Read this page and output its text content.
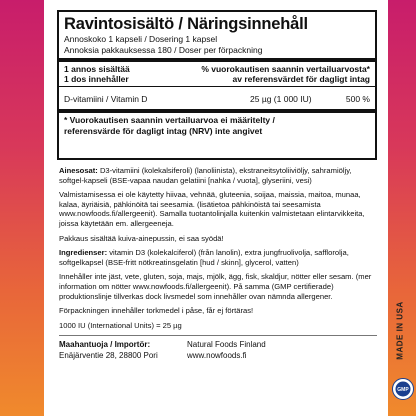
Ravintosisältö / Näringsinnehåll
Annoskoko 1 kapseli / Dosering 1 kapsel
Annoksia pakkauksessa 180 / Doser per förpackning
1 annos sisältää
1 dos innehåller
% vuorokautisen saannin vertailuarvosta*
av referensvärdet för dagligt intag
D-vitamiini / Vitamin D	25 µg (1 000 IU)	500 %
* Vuorokautisen saannin vertailuarvoa ei määritelty /
referensvärde för dagligt intag (NRV) inte angivet

Ainesosat: D3-vitamiini (kolekalsiferoli) (lanoliinista), ekstraneitsytoliiviöljy, sahramiöljy, softgel-kapseli (BSE-vapaa naudan gelatiini [nahka / vuota], glyseriini, vesi)

Valmistamisessa ei ole käytetty hiivaa, vehnää, gluteenia, soijaa, maissia, maitoa, munaa, kalaa, äyriäisiä, pähkinöitä tai seesamia. (lisätietoa pähkinöistä tai seesamista www.nowfoods.fi/allergeenit). Samalla tuotantolinjalla kuitenkin valmistetaan elintarvikkeita, joissa käytetään em. allergeeneja.

Pakkaus sisältää kuiva-ainepussin, ei saa syödä!

Ingredienser: vitamin D3 (kolekalciferol) (från lanolin), extra jungfruolivolja, safflorolja, softgelkapsel (BSE-fritt nötkreatinsgelatin [hud / skinn], glycerol, vatten)

Innehåller inte jäst, vete, gluten, soja, majs, mjölk, ägg, fisk, skaldjur, nötter eller sesam. (mer information om nötter www.nowfoods.fi/allergeenit). På samma (GMP certifierade) produktionslinje tillverkas dock livsmedel som innehåller ovan nämnda allergener.

Förpackningen innehåller torkmedel i påse, får ej förtäras!

1000 IU (International Units) = 25 µg

Maahantuoja / Importör:	Natural Foods Finland
Enäjärventie 28, 28800 Pori	www.nowfoods.fi	MADE IN USA
GMP
